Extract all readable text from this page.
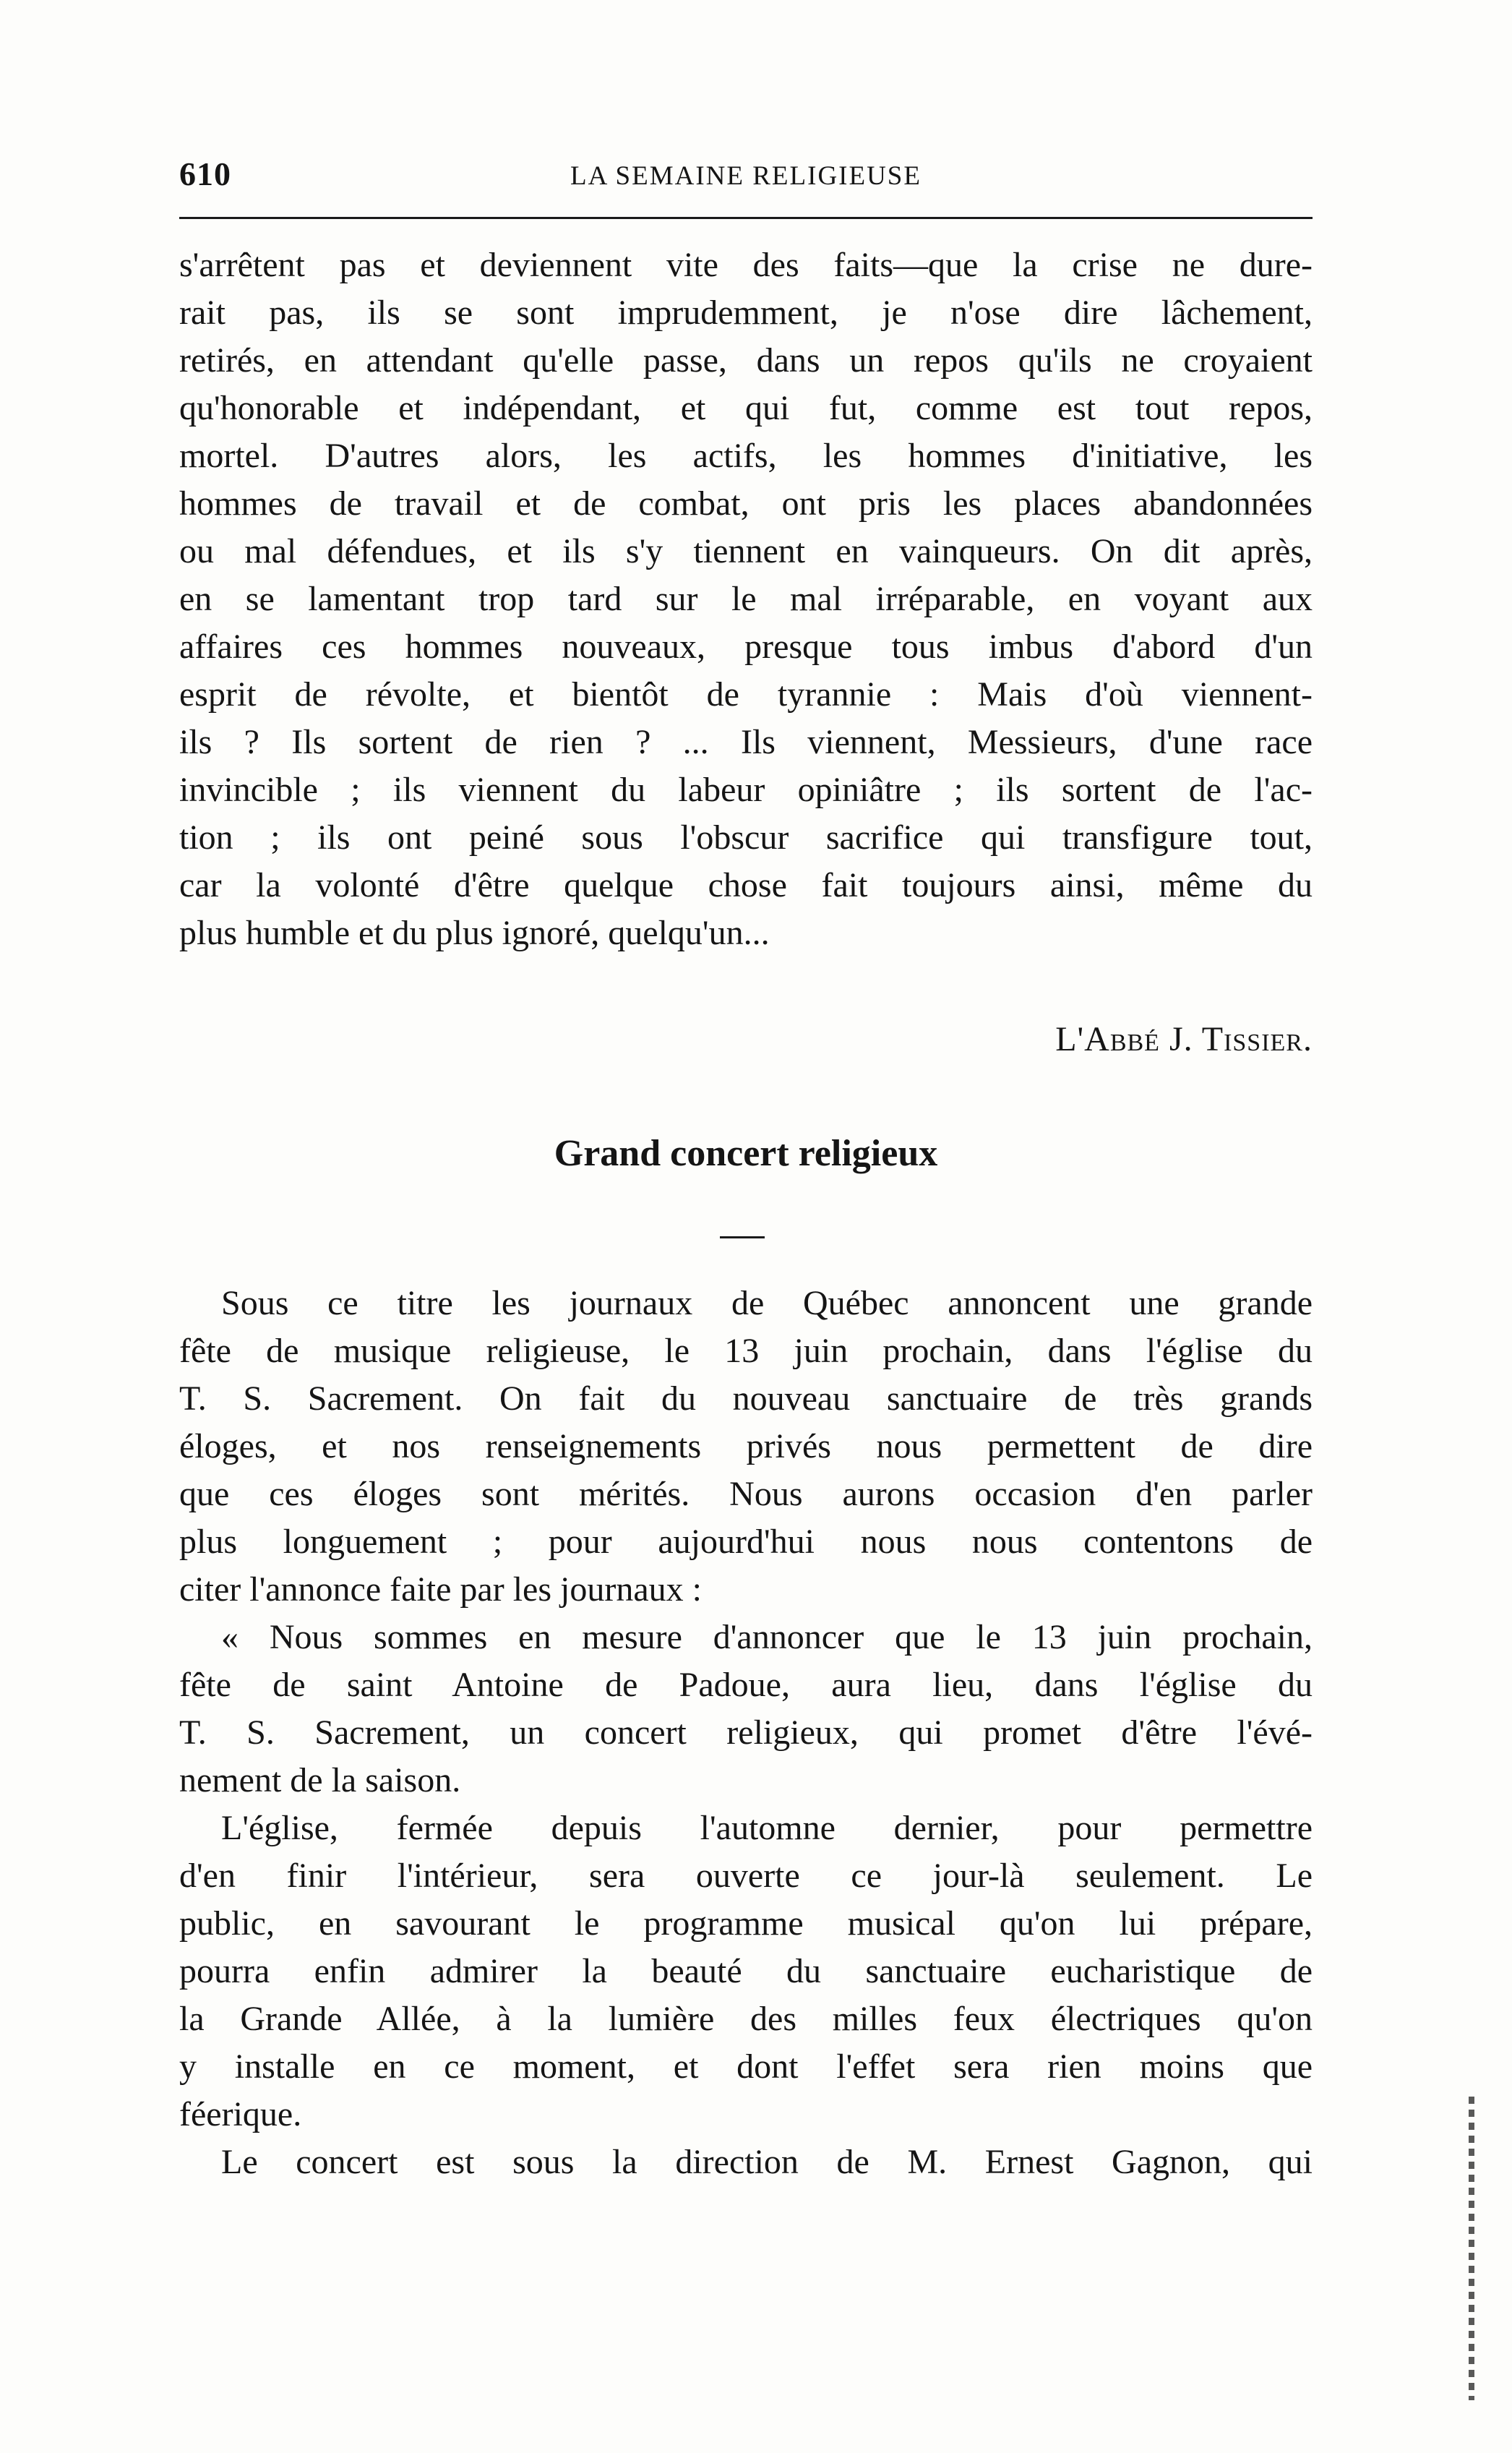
610	LA SEMAINE RELIGIEUSE
s'arrêtent pas et deviennent vite des faits—que la crise ne dure-
rait pas, ils se sont imprudemment, je n'ose dire lâchement,
retirés, en attendant qu'elle passe, dans un repos qu'ils ne croyaient
qu'honorable et indépendant, et qui fut, comme est tout repos,
mortel. D'autres alors, les actifs, les hommes d'initiative, les
hommes de travail et de combat, ont pris les places abandonnées
ou mal défendues, et ils s'y tiennent en vainqueurs. On dit après,
en se lamentant trop tard sur le mal irréparable, en voyant aux
affaires ces hommes nouveaux, presque tous imbus d'abord d'un
esprit de révolte, et bientôt de tyrannie : Mais d'où viennent-
ils ? Ils sortent de rien ? ... Ils viennent, Messieurs, d'une race
invincible ; ils viennent du labeur opiniâtre ; ils sortent de l'ac-
tion ; ils ont peiné sous l'obscur sacrifice qui transfigure tout,
car la volonté d'être quelque chose fait toujours ainsi, même du
plus humble et du plus ignoré, quelqu'un...
L'Abbé J. Tissier.
Grand concert religieux
Sous ce titre les journaux de Québec annoncent une grande
fête de musique religieuse, le 13 juin prochain, dans l'église du
T. S. Sacrement. On fait du nouveau sanctuaire de très grands
éloges, et nos renseignements privés nous permettent de dire
que ces éloges sont mérités. Nous aurons occasion d'en parler
plus longuement ; pour aujourd'hui nous nous contentons de
citer l'annonce faite par les journaux :
« Nous sommes en mesure d'annoncer que le 13 juin prochain,
fête de saint Antoine de Padoue, aura lieu, dans l'église du
T. S. Sacrement, un concert religieux, qui promet d'être l'évé-
nement de la saison.
L'église, fermée depuis l'automne dernier, pour permettre
d'en finir l'intérieur, sera ouverte ce jour-là seulement. Le
public, en savourant le programme musical qu'on lui prépare,
pourra enfin admirer la beauté du sanctuaire eucharistique de
la Grande Allée, à la lumière des milles feux électriques qu'on
y installe en ce moment, et dont l'effet sera rien moins que
féerique.
Le concert est sous la direction de M. Ernest Gagnon, qui
